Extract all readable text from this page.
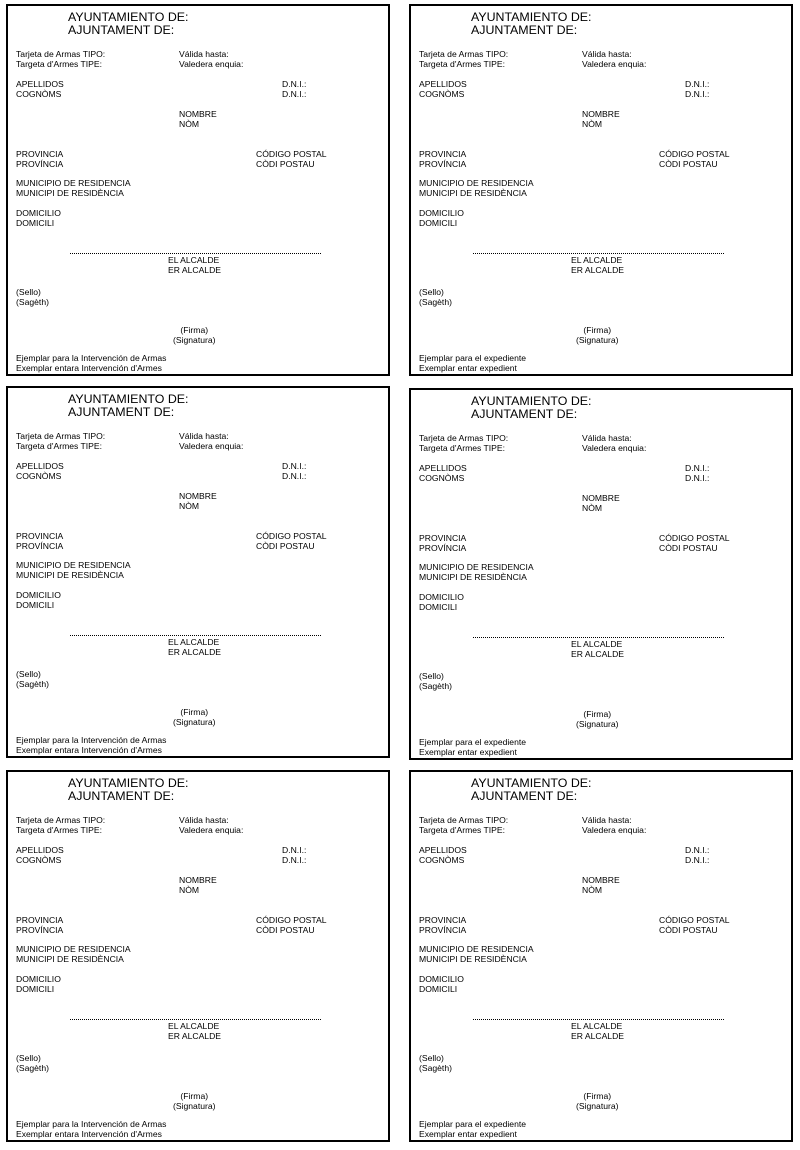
AYUNTAMIENTO DE:
AJUNTAMENT DE:
Tarjeta de Armas TIPO:
Targeta d'Armes TIPE:
Válida hasta:
Valedera enquia:
APELLIDOS
COGNÒMS
D.N.I.:
D.N.I.:
NOMBRE
NÒM
PROVINCIA
PROVÍNCIA
CÓDIGO POSTAL
CÒDI POSTAU
MUNICIPIO DE RESIDENCIA
MUNICIPI DE RESIDÈNCIA
DOMICILIO
DOMICILI
EL ALCALDE
ER ALCALDE
(Sello)
(Sagèth)
(Firma)
(Signatura)
Ejemplar para la Intervención de Armas
Exemplar entara Intervención d'Armes
AYUNTAMIENTO DE:
AJUNTAMENT DE:
Tarjeta de Armas TIPO:
Targeta d'Armes TIPE:
Válida hasta:
Valedera enquia:
APELLIDOS
COGNÒMS
D.N.I.:
D.N.I.:
NOMBRE
NÒM
PROVINCIA
PROVÍNCIA
CÓDIGO POSTAL
CÒDI POSTAU
MUNICIPIO DE RESIDENCIA
MUNICIPI DE RESIDÈNCIA
DOMICILIO
DOMICILI
EL ALCALDE
ER ALCALDE
(Sello)
(Sagèth)
(Firma)
(Signatura)
Ejemplar para el expediente
Exemplar entar expedient
AYUNTAMIENTO DE:
AJUNTAMENT DE:
Tarjeta de Armas TIPO:
Targeta d'Armes TIPE:
Válida hasta:
Valedera enquia:
APELLIDOS
COGNÒMS
D.N.I.:
D.N.I.:
NOMBRE
NÒM
PROVINCIA
PROVÍNCIA
CÓDIGO POSTAL
CÒDI POSTAU
MUNICIPIO DE RESIDENCIA
MUNICIPI DE RESIDÈNCIA
DOMICILIO
DOMICILI
EL ALCALDE
ER ALCALDE
(Sello)
(Sagèth)
(Firma)
(Signatura)
Ejemplar para la Intervención de Armas
Exemplar entara Intervención d'Armes
AYUNTAMIENTO DE:
AJUNTAMENT DE:
Tarjeta de Armas TIPO:
Targeta d'Armes TIPE:
Válida hasta:
Valedera enquia:
APELLIDOS
COGNÒMS
D.N.I.:
D.N.I.:
NOMBRE
NÒM
PROVINCIA
PROVÍNCIA
CÓDIGO POSTAL
CÒDI POSTAU
MUNICIPIO DE RESIDENCIA
MUNICIPI DE RESIDÈNCIA
DOMICILIO
DOMICILI
EL ALCALDE
ER ALCALDE
(Sello)
(Sagèth)
(Firma)
(Signatura)
Ejemplar para el expediente
Exemplar entar expedient
AYUNTAMIENTO DE:
AJUNTAMENT DE:
Tarjeta de Armas TIPO:
Targeta d'Armes TIPE:
Válida hasta:
Valedera enquia:
APELLIDOS
COGNÒMS
D.N.I.:
D.N.I.:
NOMBRE
NÒM
PROVINCIA
PROVÍNCIA
CÓDIGO POSTAL
CÒDI POSTAU
MUNICIPIO DE RESIDENCIA
MUNICIPI DE RESIDÈNCIA
DOMICILIO
DOMICILI
EL ALCALDE
ER ALCALDE
(Sello)
(Sagèth)
(Firma)
(Signatura)
Ejemplar para la Intervención de Armas
Exemplar entara Intervención d'Armes
AYUNTAMIENTO DE:
AJUNTAMENT DE:
Tarjeta de Armas TIPO:
Targeta d'Armes TIPE:
Válida hasta:
Valedera enquia:
APELLIDOS
COGNÒMS
D.N.I.:
D.N.I.:
NOMBRE
NÒM
PROVINCIA
PROVÍNCIA
CÓDIGO POSTAL
CÒDI POSTAU
MUNICIPIO DE RESIDENCIA
MUNICIPI DE RESIDÈNCIA
DOMICILIO
DOMICILI
EL ALCALDE
ER ALCALDE
(Sello)
(Sagèth)
(Firma)
(Signatura)
Ejemplar para el expediente
Exemplar entar expedient
